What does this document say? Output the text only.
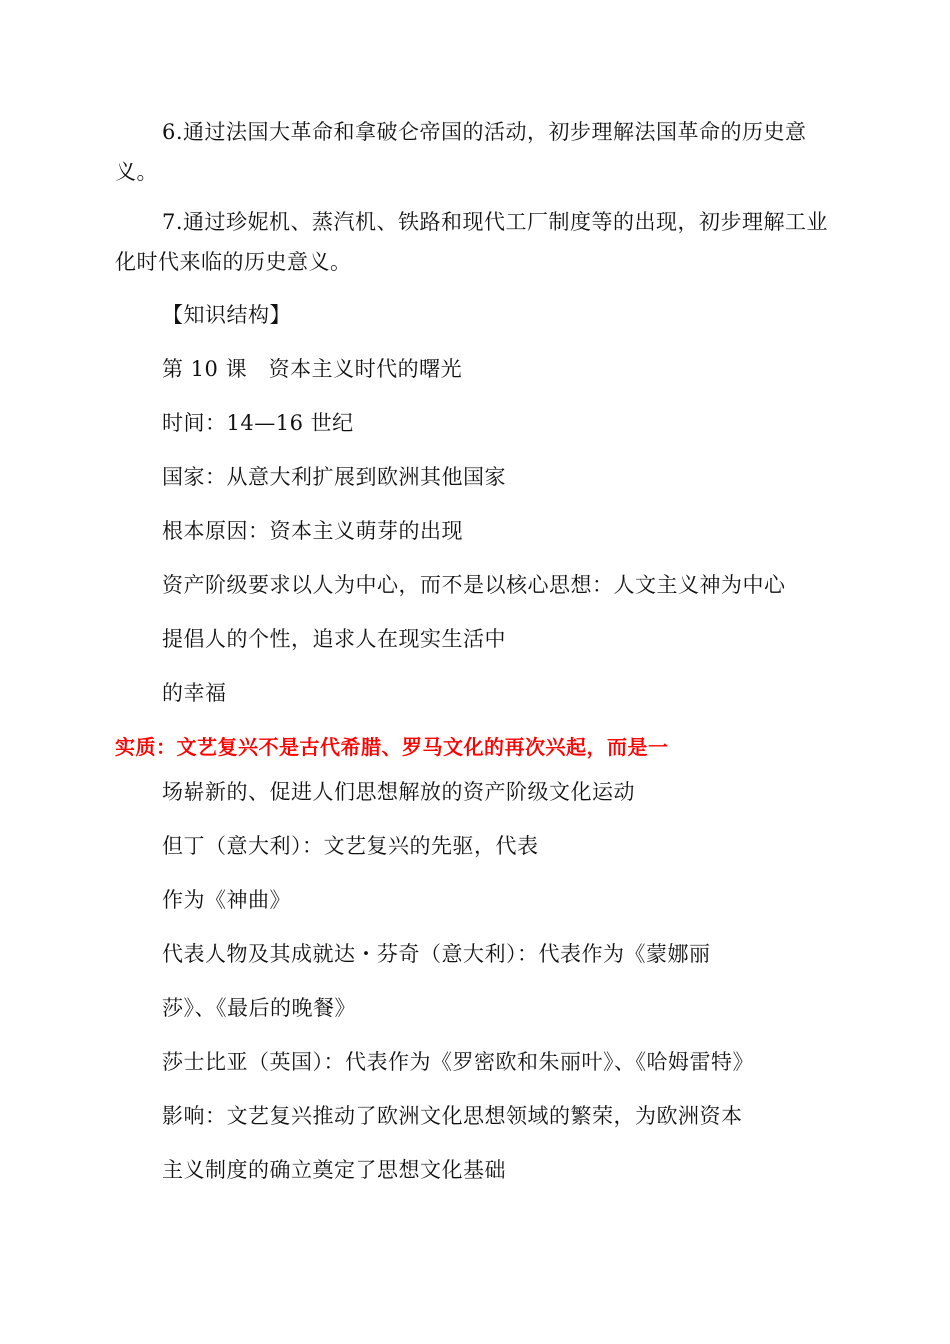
6.通过法国大革命和拿破仑帝国的活动，初步理解法国革命的历史意义。
7.通过珍妮机、蒸汽机、铁路和现代工厂制度等的出现，初步理解工业化时代来临的历史意义。
【知识结构】
第 10 课　资本主义时代的曙光
时间：14—16 世纪
国家：从意大利扩展到欧洲其他国家
根本原因：资本主义萌芽的出现
资产阶级要求以人为中心，而不是以核心思想：人文主义神为中心
提倡人的个性，追求人在现实生活中
的幸福
实质：文艺复兴不是古代希腊、罗马文化的再次兴起，而是一
场崭新的、促进人们思想解放的资产阶级文化运动
但丁（意大利）：文艺复兴的先驱，代表
作为《神曲》
代表人物及其成就达・芬奇（意大利）：代表作为《蒙娜丽
莎》、《最后的晚餐》
莎士比亚（英国）：代表作为《罗密欧和朱丽叶》、《哈姆雷特》
影响：文艺复兴推动了欧洲文化思想领域的繁荣，为欧洲资本
主义制度的确立奠定了思想文化基础
